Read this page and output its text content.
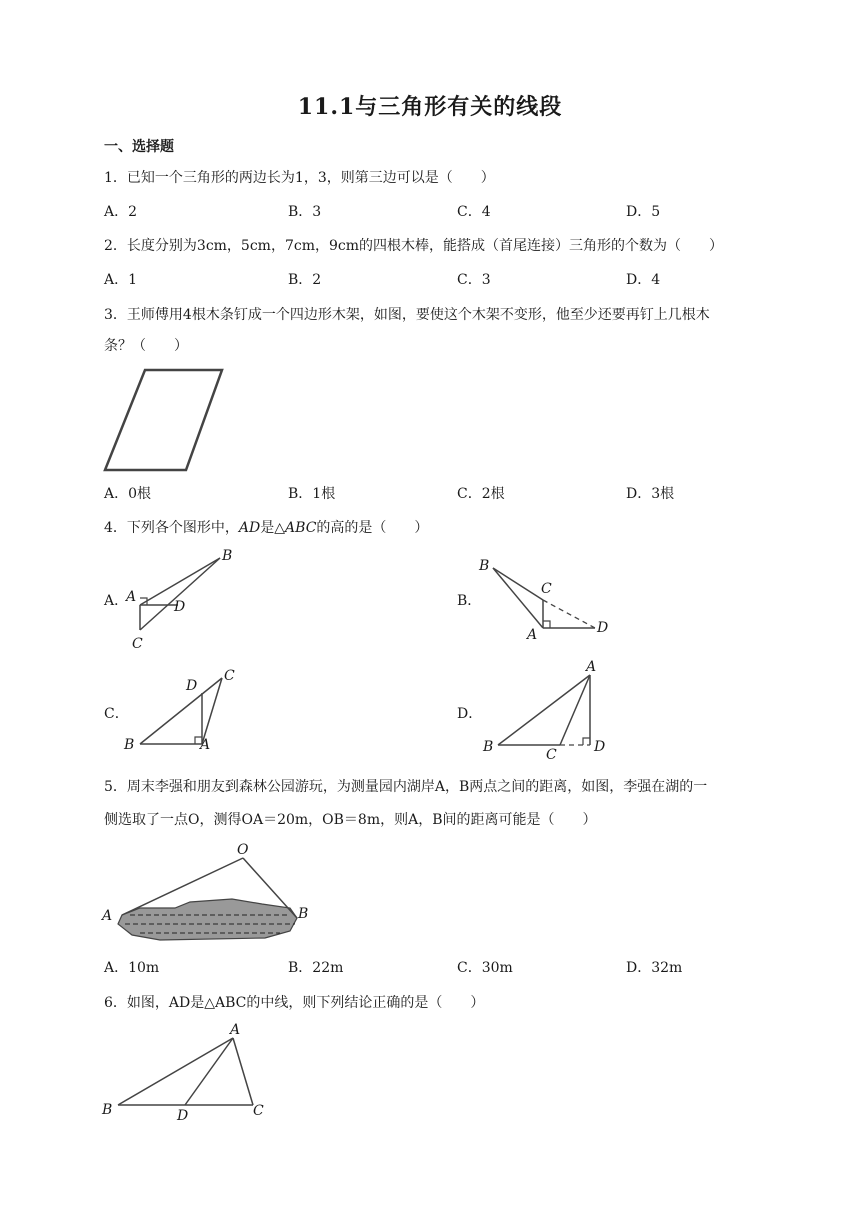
11.1与三角形有关的线段
一、选择题
1．已知一个三角形的两边长为1，3，则第三边可以是（　　）
A．2	B．3	C．4	D．5
2．长度分别为3cm，5cm，7cm，9cm的四根木棒，能搭成（首尾连接）三角形的个数为（　　）
A．1	B．2	C．3	D．4
3．王师傅用4根木条钉成一个四边形木架，如图，要使这个木架不变形，他至少还要再钉上几根木
条？（　　）
A．0根	B．1根	C．2根	D．3根
4．下列各个图形中，AD是△ABC的高的是（　　）
A．
B
A
D
C
B．
B
C
A	D
C．
B
D
C
A
D．
A
B	C	D
5．周末李强和朋友到森林公园游玩，为测量园内湖岸A，B两点之间的距离，如图，李强在湖的一
侧选取了一点O，测得OA＝20m，OB＝8m，则A，B间的距离可能是（　　）
O
A	B
A．10m	B．22m	C．30m	D．32m
6．如图，AD是△ABC的中线，则下列结论正确的是（　　）
A
B	D	C
